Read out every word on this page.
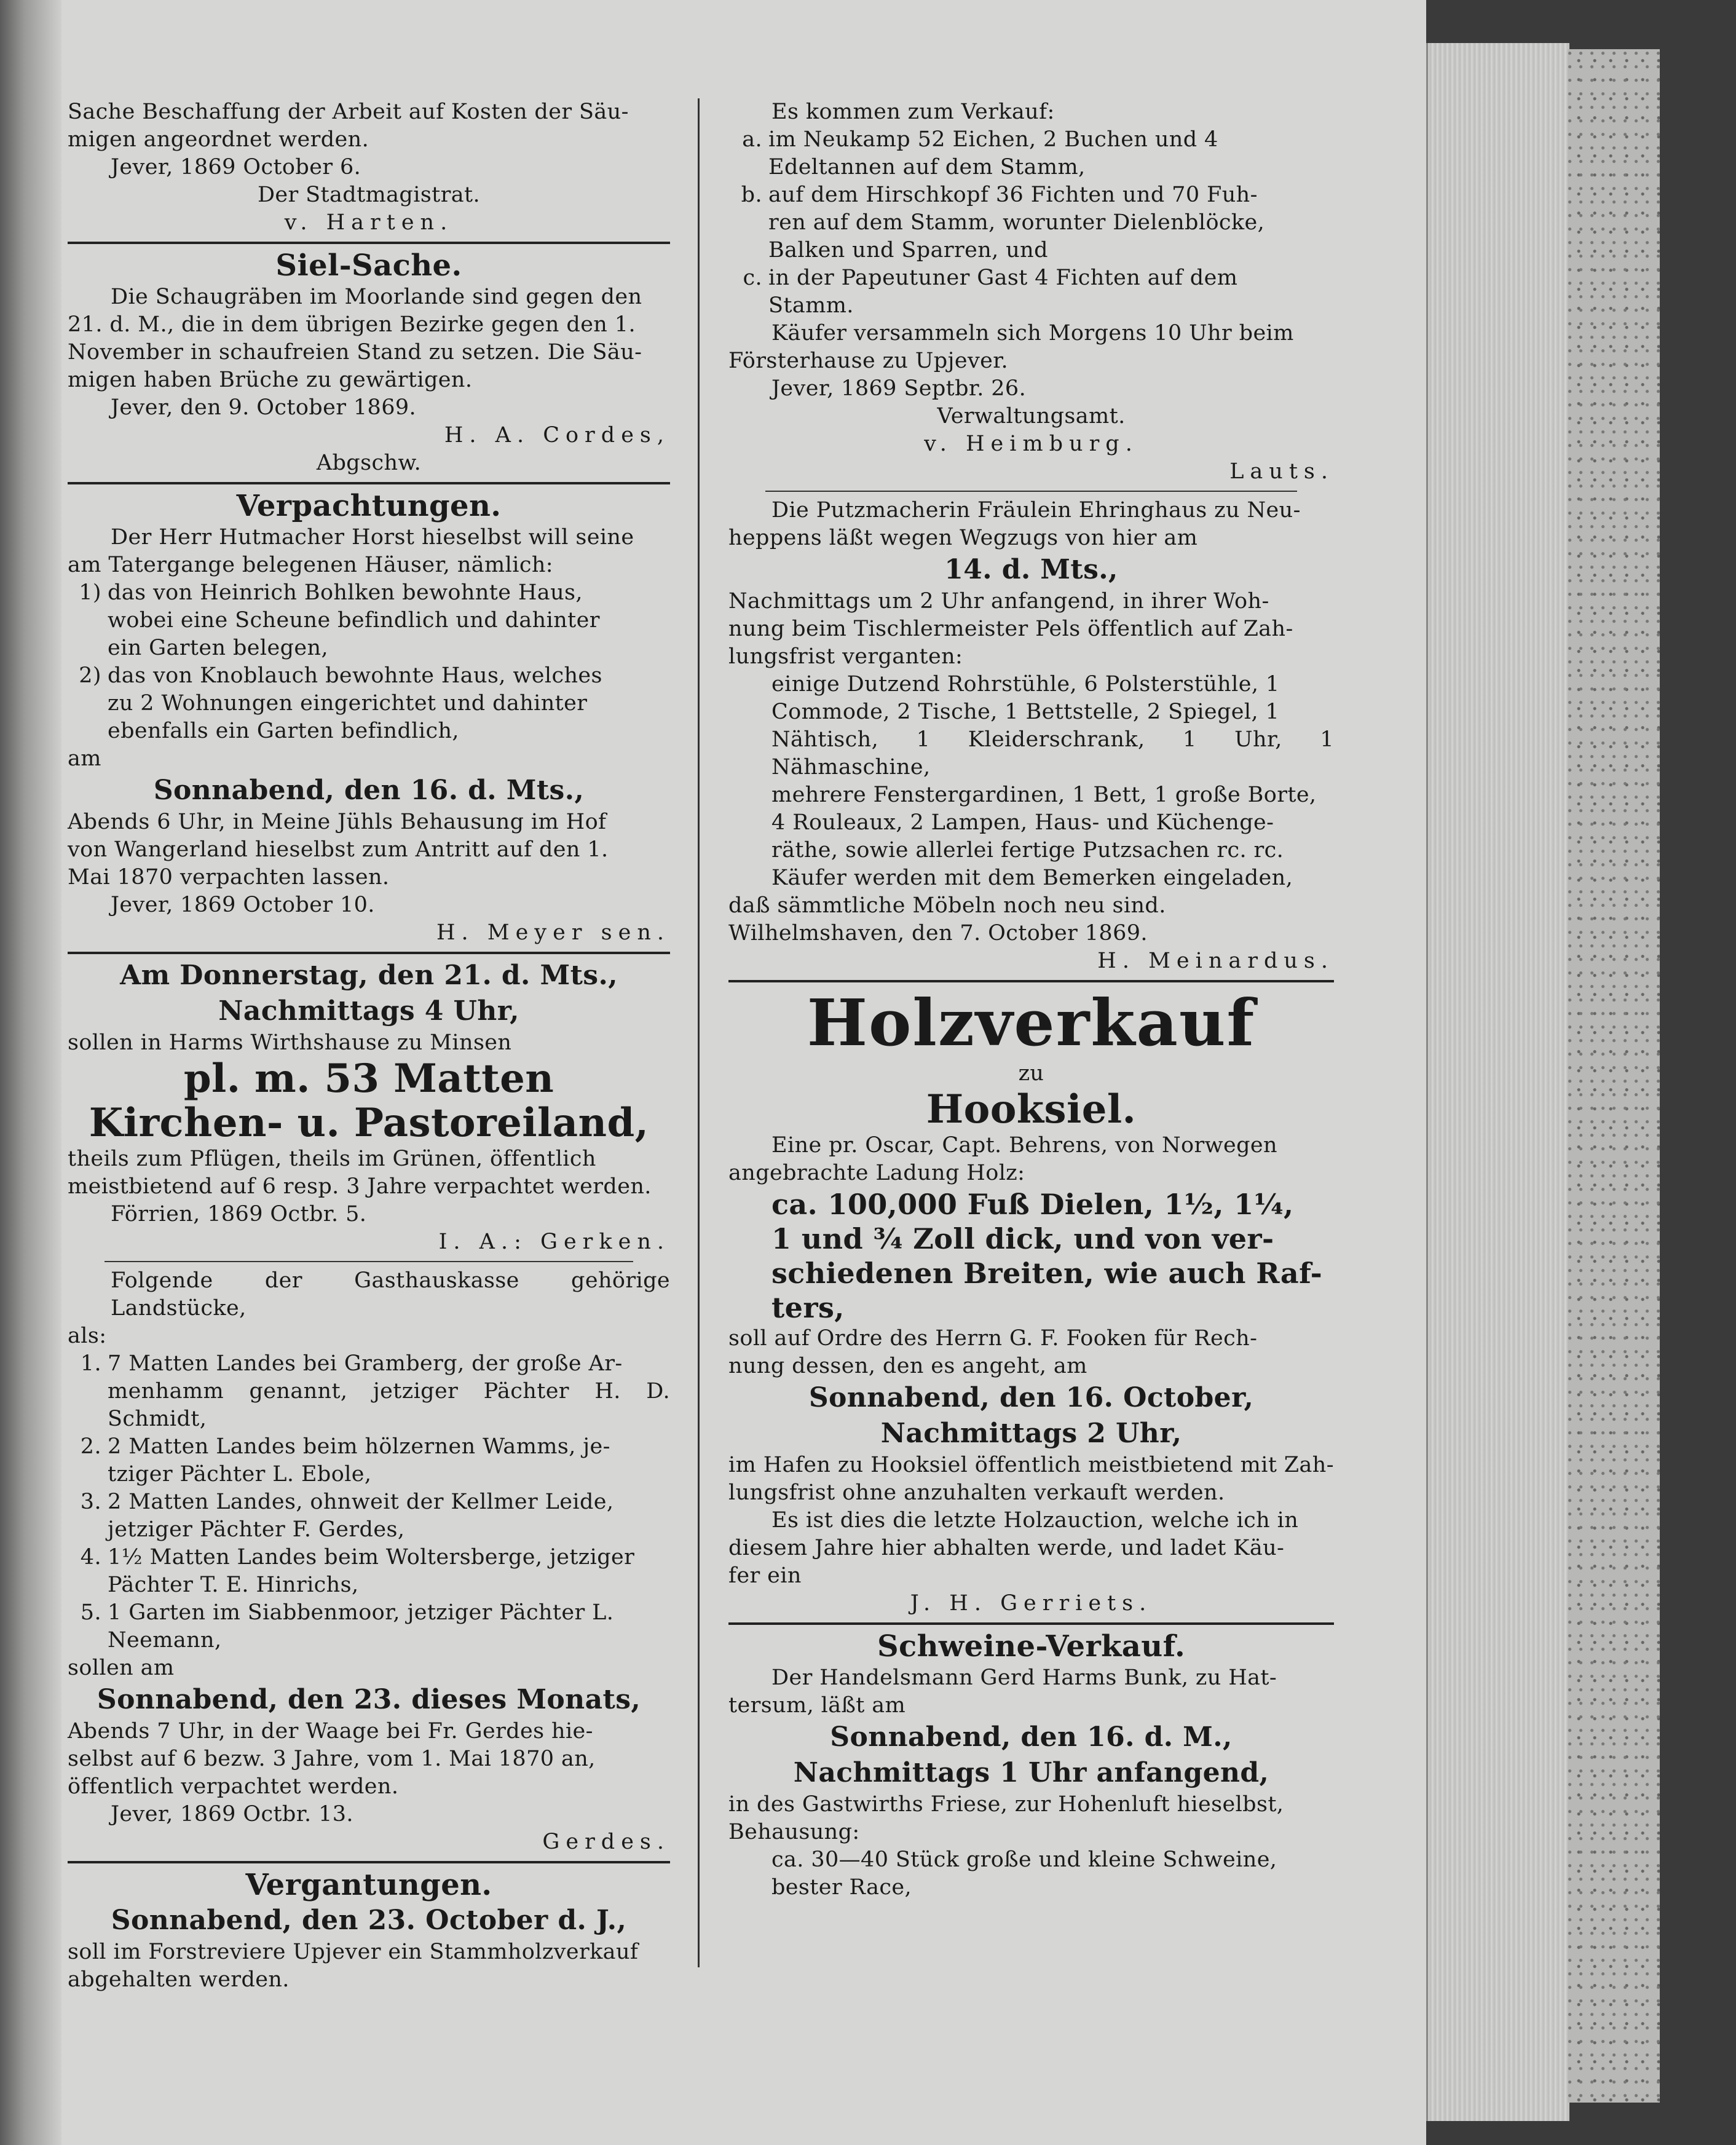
Sache Beschaffung der Arbeit auf Kosten der Säu-

migen angeordnet werden.

Jever, 1869 October 6.

Der Stadtmagistrat.

v. Harten.

Siel-Sache.

Die Schaugräben im Moorlande sind gegen den

21. d. M., die in dem übrigen Bezirke gegen den 1.

November in schaufreien Stand zu setzen. Die Säu-

migen haben Brüche zu gewärtigen.

Jever, den 9. October 1869.

H. A. Cordes,

Abgschw.

Verpachtungen.

Der Herr Hutmacher Horst hieselbst will seine

am Tatergange belegenen Häuser, nämlich:

1) das von Heinrich Bohlken bewohnte Haus,

wobei eine Scheune befindlich und dahinter

ein Garten belegen,

2) das von Knoblauch bewohnte Haus, welches

zu 2 Wohnungen eingerichtet und dahinter

ebenfalls ein Garten befindlich,

am

Sonnabend, den 16. d. Mts.,

Abends 6 Uhr, in Meine Jühls Behausung im Hof

von Wangerland hieselbst zum Antritt auf den 1.

Mai 1870 verpachten lassen.

Jever, 1869 October 10.

H. Meyer sen.

Am Donnerstag, den 21. d. Mts.,
Nachmittags 4 Uhr,

sollen in Harms Wirthshause zu Minsen

pl. m. 53 Matten
Kirchen- u. Pastoreiland,

theils zum Pflügen, theils im Grünen, öffentlich

meistbietend auf 6 resp. 3 Jahre verpachtet werden.

Förrien, 1869 Octbr. 5.

I. A.: Gerken.

Folgende der Gasthauskasse gehörige Landstücke,

als:

1. 7 Matten Landes bei Gramberg, der große Ar-

menhamm genannt, jetziger Pächter H. D. Schmidt,

2. 2 Matten Landes beim hölzernen Wamms, je-

tziger Pächter L. Ebole,

3. 2 Matten Landes, ohnweit der Kellmer Leide,

jetziger Pächter F. Gerdes,

4. 1½ Matten Landes beim Woltersberge, jetziger

Pächter T. E. Hinrichs,

5. 1 Garten im Siabbenmoor, jetziger Pächter L.

Neemann,

sollen am

Sonnabend, den 23. dieses Monats,

Abends 7 Uhr, in der Waage bei Fr. Gerdes hie-

selbst auf 6 bezw. 3 Jahre, vom 1. Mai 1870 an,

öffentlich verpachtet werden.

Jever, 1869 Octbr. 13.

Gerdes.

Vergantungen.
Sonnabend, den 23. October d. J.,

soll im Forstreviere Upjever ein Stammholzverkauf

abgehalten werden.

Es kommen zum Verkauf:

a. im Neukamp 52 Eichen, 2 Buchen und 4

Edeltannen auf dem Stamm,

b. auf dem Hirschkopf 36 Fichten und 70 Fuh-

ren auf dem Stamm, worunter Dielenblöcke,

Balken und Sparren, und

c. in der Papeutuner Gast 4 Fichten auf dem

Stamm.

Käufer versammeln sich Morgens 10 Uhr beim

Försterhause zu Upjever.

Jever, 1869 Septbr. 26.

Verwaltungsamt.

v. Heimburg.

Lauts.

Die Putzmacherin Fräulein Ehringhaus zu Neu-

heppens läßt wegen Wegzugs von hier am

14. d. Mts.,

Nachmittags um 2 Uhr anfangend, in ihrer Woh-

nung beim Tischlermeister Pels öffentlich auf Zah-

lungsfrist verganten:

einige Dutzend Rohrstühle, 6 Polsterstühle, 1

Commode, 2 Tische, 1 Bettstelle, 2 Spiegel, 1

Nähtisch, 1 Kleiderschrank, 1 Uhr, 1 Nähmaschine,

mehrere Fenstergardinen, 1 Bett, 1 große Borte,

4 Rouleaux, 2 Lampen, Haus- und Küchenge-

räthe, sowie allerlei fertige Putzsachen rc. rc.

Käufer werden mit dem Bemerken eingeladen,

daß sämmtliche Möbeln noch neu sind.

Wilhelmshaven, den 7. October 1869.

H. Meinardus.

Holzverkauf

zu

Hooksiel.

Eine pr. Oscar, Capt. Behrens, von Norwegen

angebrachte Ladung Holz:

ca. 100,000 Fuß Dielen, 1½, 1¼,

1 und ¾ Zoll dick, und von ver-

schiedenen Breiten, wie auch Raf-

ters,

soll auf Ordre des Herrn G. F. Fooken für Rech-

nung dessen, den es angeht, am

Sonnabend, den 16. October,
Nachmittags 2 Uhr,

im Hafen zu Hooksiel öffentlich meistbietend mit Zah-

lungsfrist ohne anzuhalten verkauft werden.

Es ist dies die letzte Holzauction, welche ich in

diesem Jahre hier abhalten werde, und ladet Käu-

fer ein

J. H. Gerriets.

Schweine-Verkauf.

Der Handelsmann Gerd Harms Bunk, zu Hat-

tersum, läßt am

Sonnabend, den 16. d. M.,
Nachmittags 1 Uhr anfangend,

in des Gastwirths Friese, zur Hohenluft hieselbst,

Behausung:

ca. 30—40 Stück große und kleine Schweine,

bester Race,
